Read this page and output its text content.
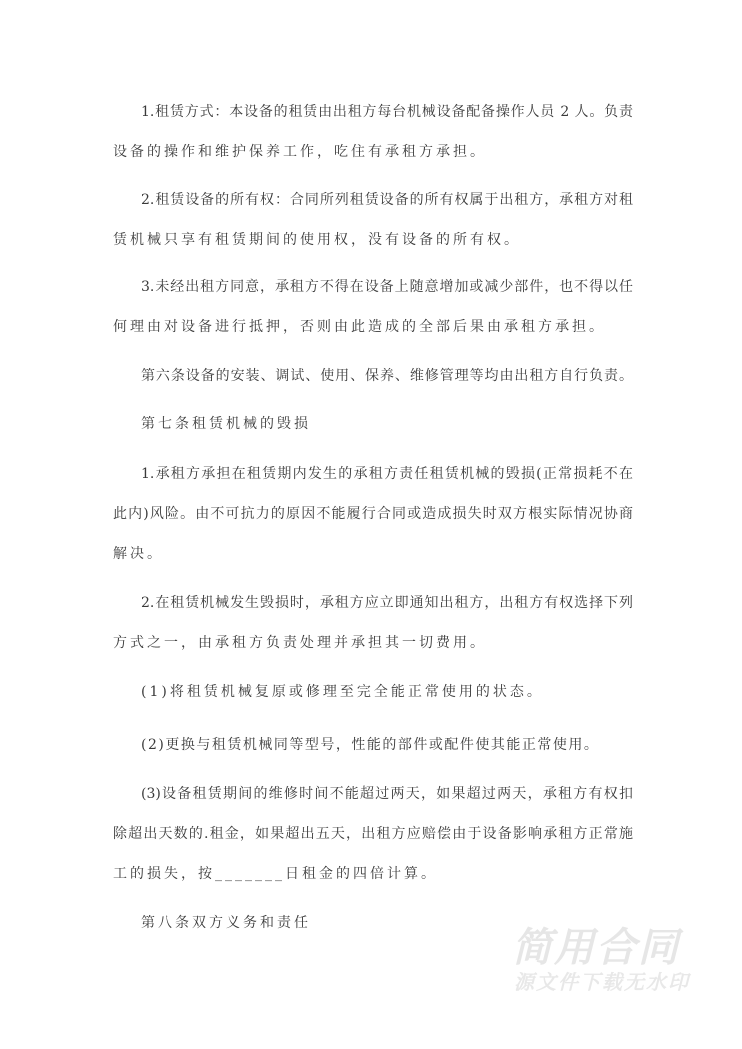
1.租赁方式：本设备的租赁由出租方每台机械设备配备操作人员 2 人。负责
设备的操作和维护保养工作，吃住有承租方承担。
2.租赁设备的所有权：合同所列租赁设备的所有权属于出租方，承租方对租
赁机械只享有租赁期间的使用权，没有设备的所有权。
3.未经出租方同意，承租方不得在设备上随意增加或减少部件，也不得以任
何理由对设备进行抵押，否则由此造成的全部后果由承租方承担。
第六条设备的安装、调试、使用、保养、维修管理等均由出租方自行负责。
第七条租赁机械的毁损
1.承租方承担在租赁期内发生的承租方责任租赁机械的毁损(正常损耗不在
此内)风险。由不可抗力的原因不能履行合同或造成损失时双方根实际情况协商
解决。
2.在租赁机械发生毁损时，承租方应立即通知出租方，出租方有权选择下列
方式之一，由承租方负责处理并承担其一切费用。
(1)将租赁机械复原或修理至完全能正常使用的状态。
(2)更换与租赁机械同等型号，性能的部件或配件使其能正常使用。
(3)设备租赁期间的维修时间不能超过两天，如果超过两天，承租方有权扣
除超出天数的.租金，如果超出五天，出租方应赔偿由于设备影响承租方正常施
工的损失，按_______日租金的四倍计算。
第八条双方义务和责任
简用合同
源文件下载无水印
